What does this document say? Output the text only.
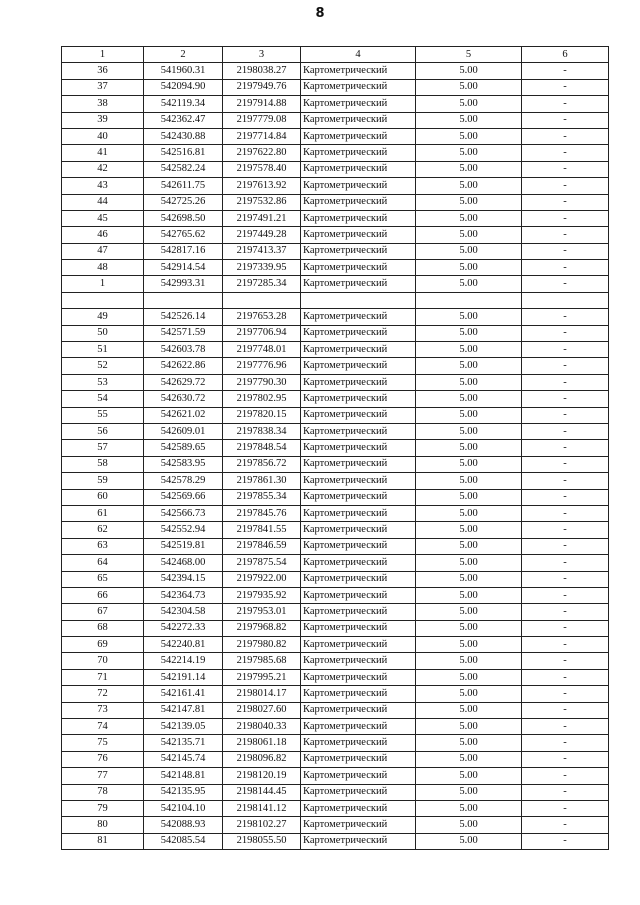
8
1	2	3	4	5	6
36	541960.31	2198038.27	Картометрический	5.00	-
37	542094.90	2197949.76	Картометрический	5.00	-
38	542119.34	2197914.88	Картометрический	5.00	-
39	542362.47	2197779.08	Картометрический	5.00	-
40	542430.88	2197714.84	Картометрический	5.00	-
41	542516.81	2197622.80	Картометрический	5.00	-
42	542582.24	2197578.40	Картометрический	5.00	-
43	542611.75	2197613.92	Картометрический	5.00	-
44	542725.26	2197532.86	Картометрический	5.00	-
45	542698.50	2197491.21	Картометрический	5.00	-
46	542765.62	2197449.28	Картометрический	5.00	-
47	542817.16	2197413.37	Картометрический	5.00	-
48	542914.54	2197339.95	Картометрический	5.00	-
1	542993.31	2197285.34	Картометрический	5.00	-

49	542526.14	2197653.28	Картометрический	5.00	-
50	542571.59	2197706.94	Картометрический	5.00	-
51	542603.78	2197748.01	Картометрический	5.00	-
52	542622.86	2197776.96	Картометрический	5.00	-
53	542629.72	2197790.30	Картометрический	5.00	-
54	542630.72	2197802.95	Картометрический	5.00	-
55	542621.02	2197820.15	Картометрический	5.00	-
56	542609.01	2197838.34	Картометрический	5.00	-
57	542589.65	2197848.54	Картометрический	5.00	-
58	542583.95	2197856.72	Картометрический	5.00	-
59	542578.29	2197861.30	Картометрический	5.00	-
60	542569.66	2197855.34	Картометрический	5.00	-
61	542566.73	2197845.76	Картометрический	5.00	-
62	542552.94	2197841.55	Картометрический	5.00	-
63	542519.81	2197846.59	Картометрический	5.00	-
64	542468.00	2197875.54	Картометрический	5.00	-
65	542394.15	2197922.00	Картометрический	5.00	-
66	542364.73	2197935.92	Картометрический	5.00	-
67	542304.58	2197953.01	Картометрический	5.00	-
68	542272.33	2197968.82	Картометрический	5.00	-
69	542240.81	2197980.82	Картометрический	5.00	-
70	542214.19	2197985.68	Картометрический	5.00	-
71	542191.14	2197995.21	Картометрический	5.00	-
72	542161.41	2198014.17	Картометрический	5.00	-
73	542147.81	2198027.60	Картометрический	5.00	-
74	542139.05	2198040.33	Картометрический	5.00	-
75	542135.71	2198061.18	Картометрический	5.00	-
76	542145.74	2198096.82	Картометрический	5.00	-
77	542148.81	2198120.19	Картометрический	5.00	-
78	542135.95	2198144.45	Картометрический	5.00	-
79	542104.10	2198141.12	Картометрический	5.00	-
80	542088.93	2198102.27	Картометрический	5.00	-
81	542085.54	2198055.50	Картометрический	5.00	-
